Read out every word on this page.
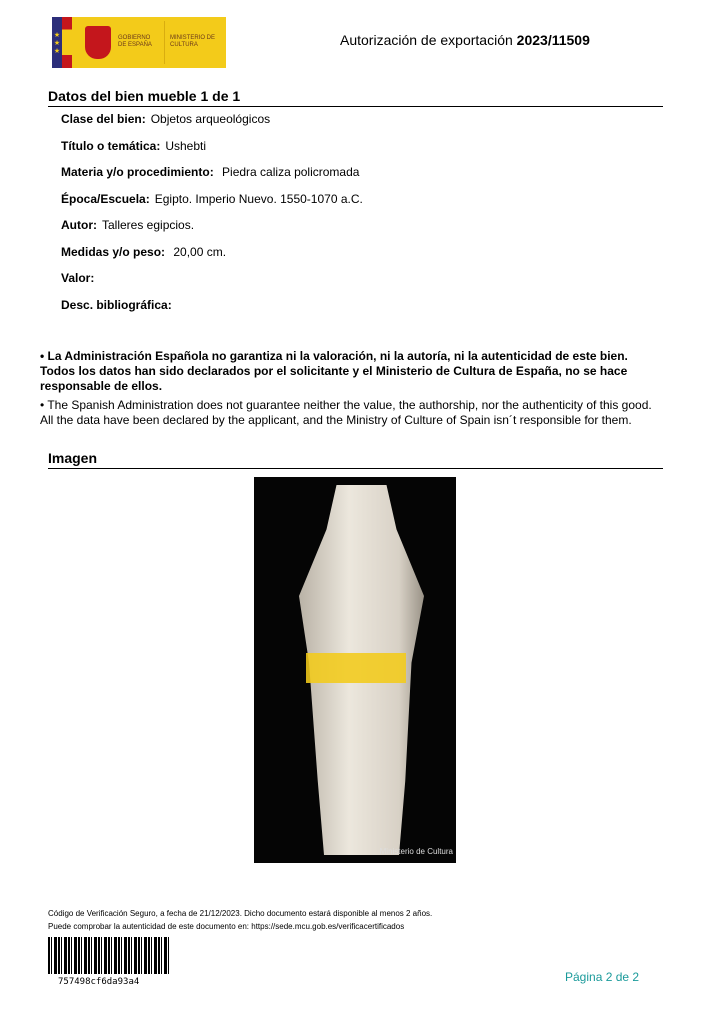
★
★
★
GOBIERNO DE ESPAÑA
MINISTERIO DE CULTURA	Autorización de exportación 2023/11509
Datos del bien mueble 1 de 1
Clase del bien: Objetos arqueológicos
Título o temática: Ushebti
Materia y/o procedimiento: Piedra caliza policromada
Época/Escuela: Egipto. Imperio Nuevo. 1550-1070 a.C.
Autor: Talleres egipcios.
Medidas y/o peso: 20,00 cm.
Valor:
Desc. bibliográfica:
• La Administración Española no garantiza ni la valoración, ni la autoría, ni la autenticidad de este bien. Todos los datos han sido declarados por el solicitante y el Ministerio de Cultura de España, no se hace responsable de ellos.
• The Spanish Administration does not guarantee neither the value, the authorship, nor the authenticity of this good. All the data have been declared by the applicant, and the Ministry of Culture of Spain isn´t responsible for them.
Imagen
Ministerio de Cultura
Código de Verificación Seguro, a fecha de 21/12/2023. Dicho documento estará disponible al menos 2 años.
Puede comprobar la autenticidad de este documento en: https://sede.mcu.gob.es/verificacertificados
757498cf6da93a4	Página 2 de 2
